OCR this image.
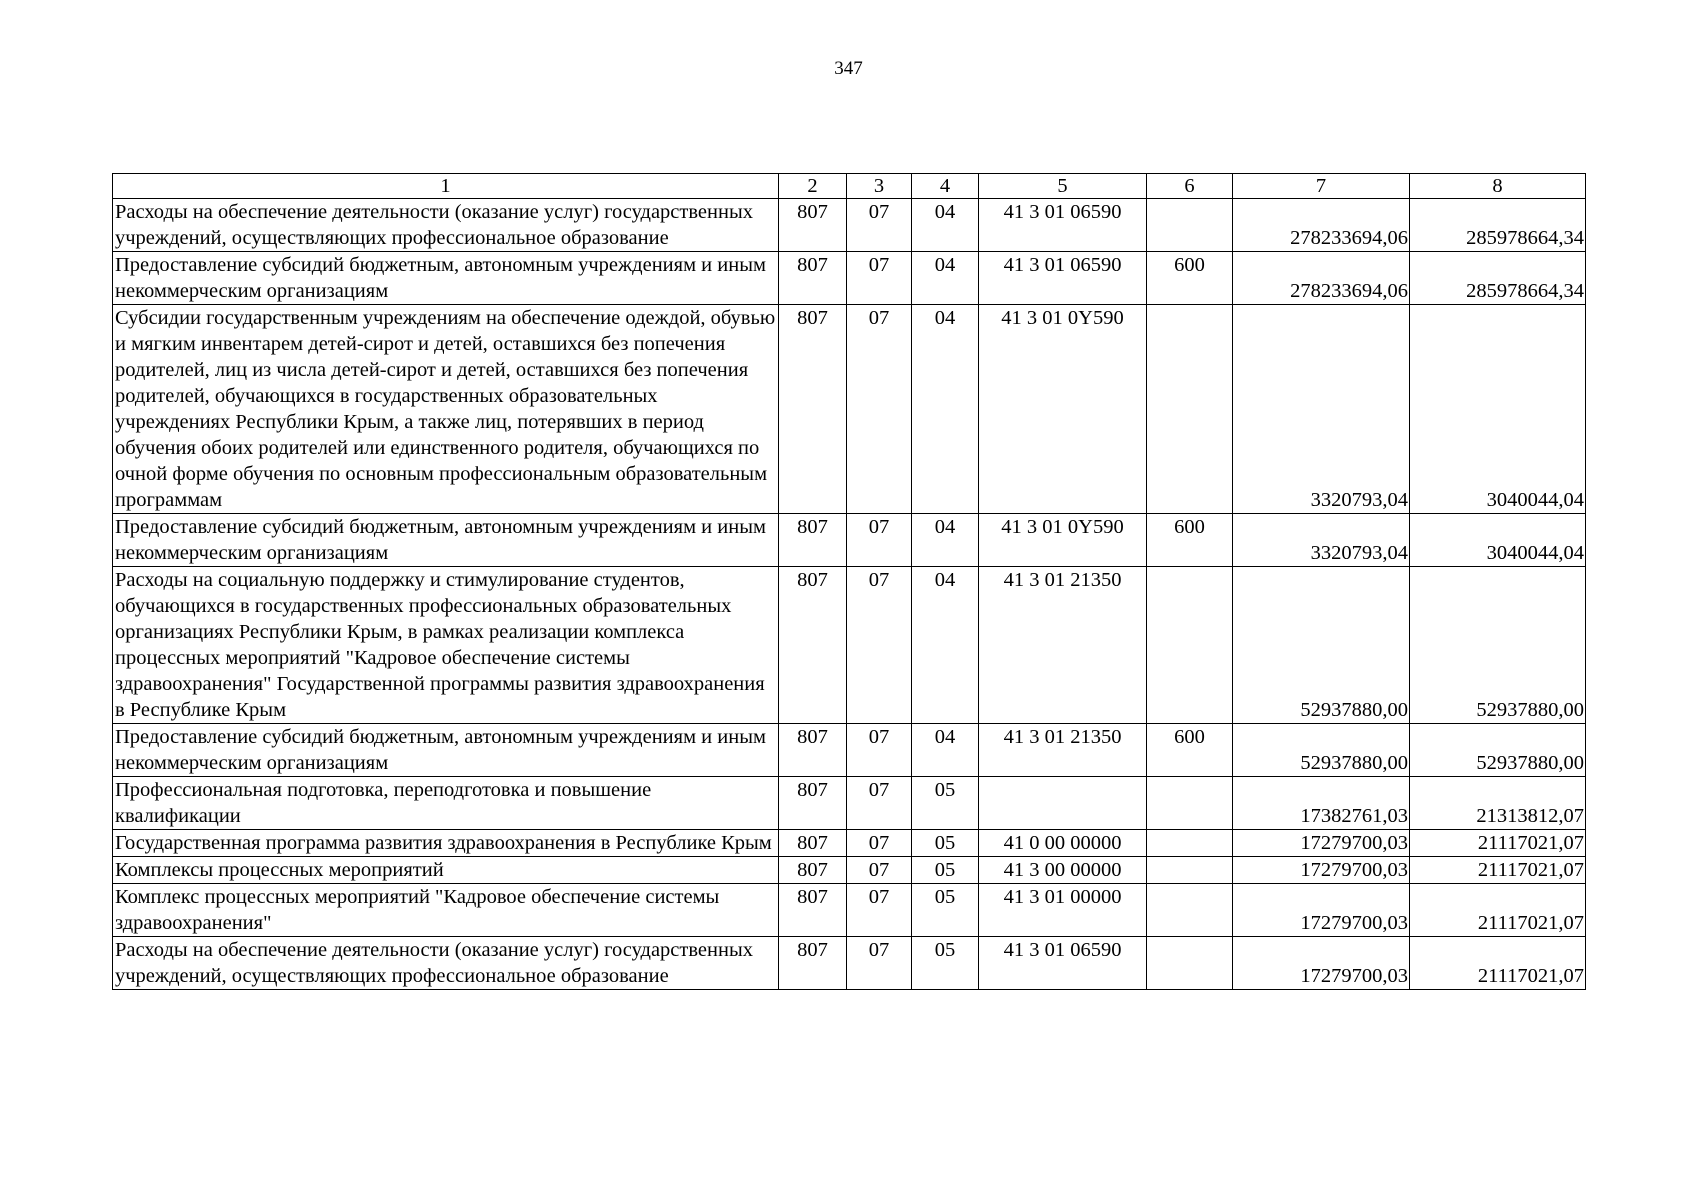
347
1	2	3	4	5	6	7	8
Расходы на обеспечение деятельности (оказание услуг) государственных учреждений, осуществляющих профессиональное образование	807	07	04	41 3 01 06590		278233694,06	285978664,34
Предоставление субсидий бюджетным, автономным учреждениям и иным некоммерческим организациям	807	07	04	41 3 01 06590	600	278233694,06	285978664,34
Субсидии государственным учреждениям на обеспечение одеждой, обувью и мягким инвентарем детей-сирот и детей, оставшихся без попечения родителей, лиц из числа детей-сирот и детей, оставшихся без попечения родителей, обучающихся в государственных образовательных учреждениях Республики Крым, а также лиц, потерявших в период обучения обоих родителей или единственного родителя, обучающихся по очной форме обучения по основным профессиональным образовательным программам	807	07	04	41 3 01 0Y590		3320793,04	3040044,04
Предоставление субсидий бюджетным, автономным учреждениям и иным некоммерческим организациям	807	07	04	41 3 01 0Y590	600	3320793,04	3040044,04
Расходы на социальную поддержку и стимулирование студентов, обучающихся в государственных профессиональных образовательных организациях Республики Крым, в рамках реализации комплекса процессных мероприятий "Кадровое обеспечение системы здравоохранения" Государственной программы развития здравоохранения в Республике Крым	807	07	04	41 3 01 21350		52937880,00	52937880,00
Предоставление субсидий бюджетным, автономным учреждениям и иным некоммерческим организациям	807	07	04	41 3 01 21350	600	52937880,00	52937880,00
Профессиональная подготовка, переподготовка и повышение квалификации	807	07	05			17382761,03	21313812,07
Государственная программа развития здравоохранения в Республике Крым	807	07	05	41 0 00 00000		17279700,03	21117021,07
Комплексы процессных мероприятий	807	07	05	41 3 00 00000		17279700,03	21117021,07
Комплекс процессных мероприятий "Кадровое обеспечение системы здравоохранения"	807	07	05	41 3 01 00000		17279700,03	21117021,07
Расходы на обеспечение деятельности (оказание услуг) государственных учреждений, осуществляющих профессиональное образование	807	07	05	41 3 01 06590		17279700,03	21117021,07
